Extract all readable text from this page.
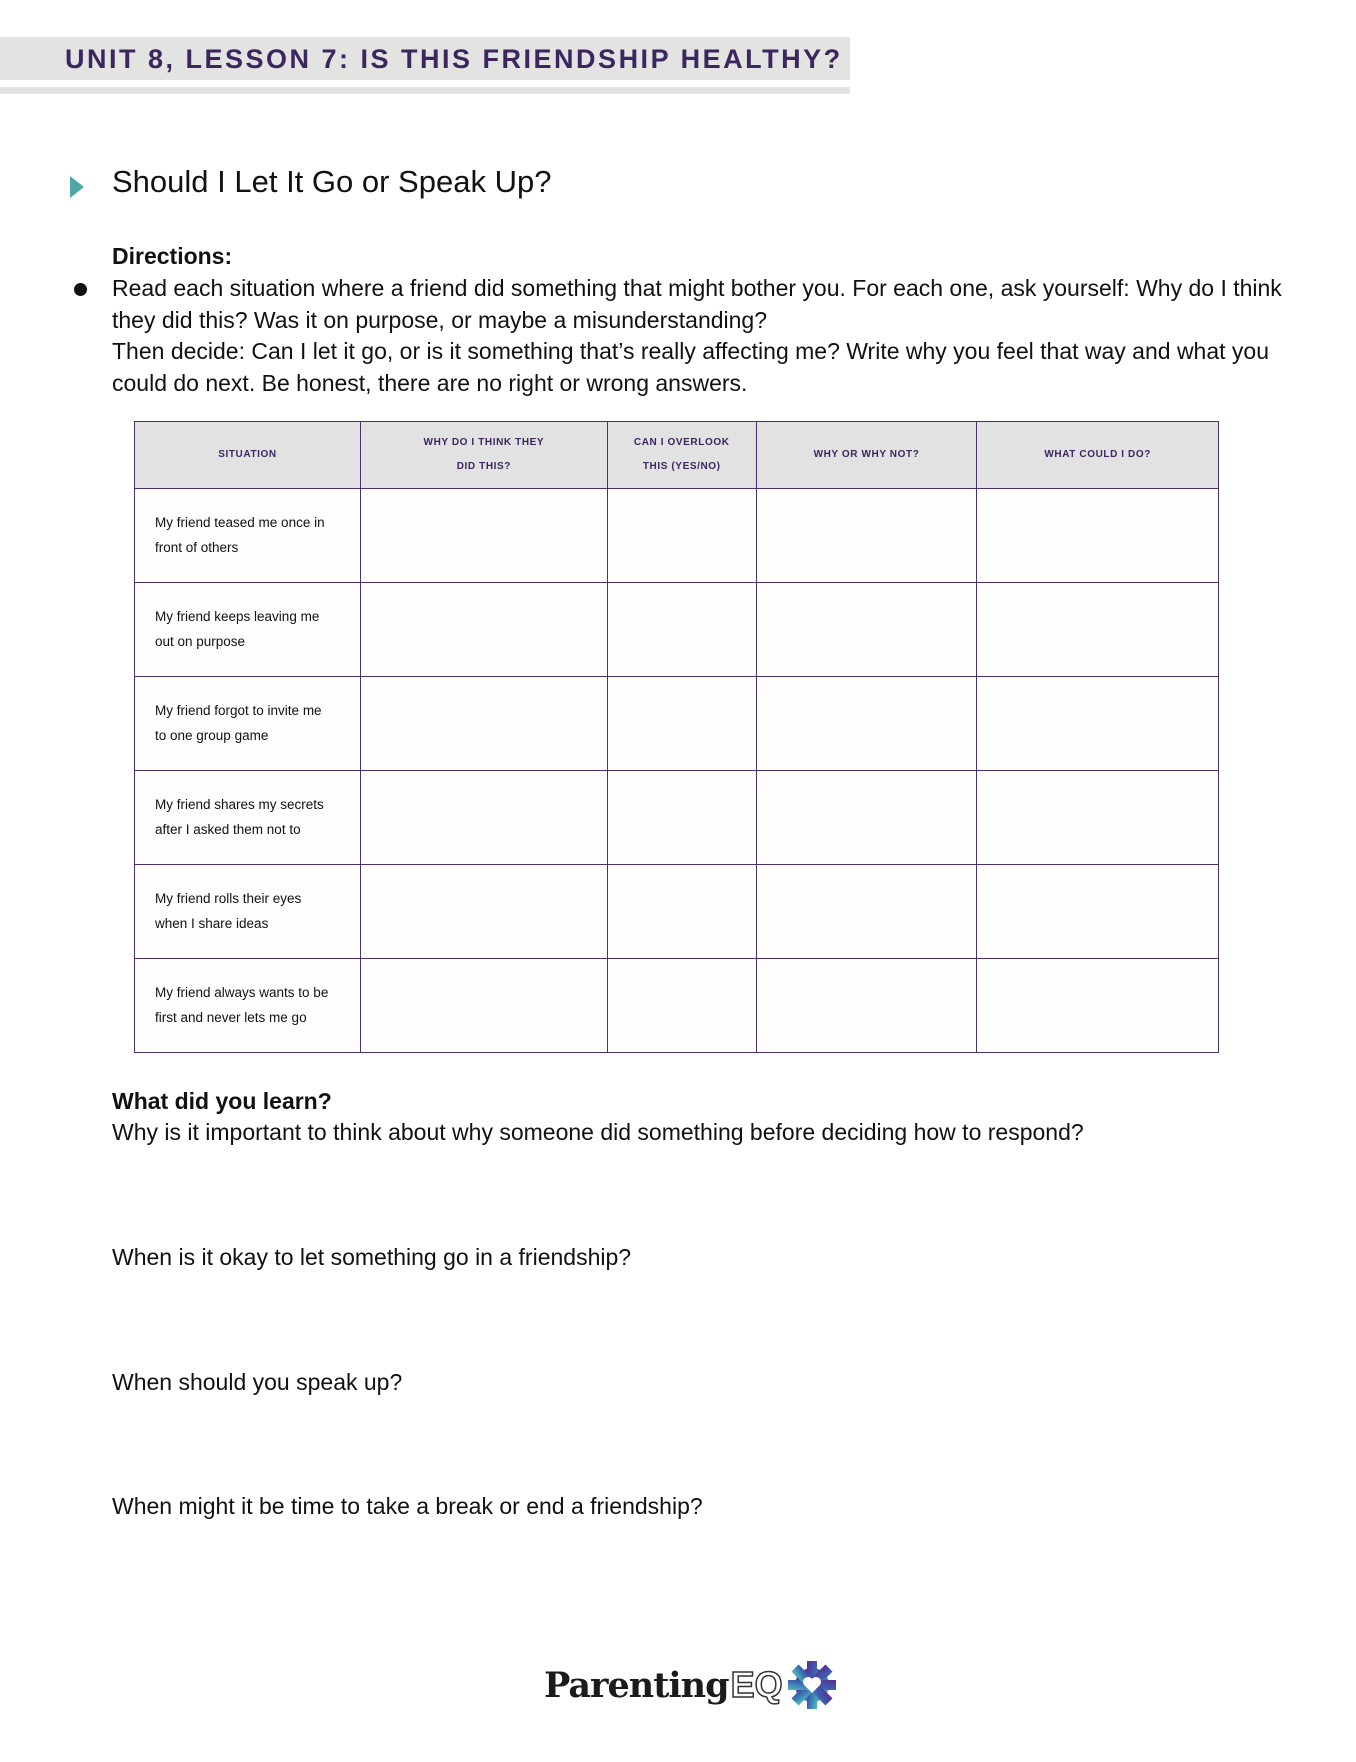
UNIT 8, LESSON 7: IS THIS FRIENDSHIP HEALTHY?
Should I Let It Go or Speak Up?
Directions:
Read each situation where a friend did something that might bother you. For each one, ask yourself: Why do I think they did this? Was it on purpose, or maybe a misunderstanding?
Then decide: Can I let it go, or is it something that’s really affecting me? Write why you feel that way and what you could do next. Be honest, there are no right or wrong answers.
SITUATION	WHY DO I THINK THEY DID THIS?	CAN I OVERLOOK THIS (YES/NO)	WHY OR WHY NOT?	WHAT COULD I DO?

My friend teased me once in front of others				

My friend keeps leaving me out on purpose				

My friend forgot to invite me to one group game				

My friend shares my secrets after I asked them not to				

My friend rolls their eyes when I share ideas				

My friend always wants to be first and never lets me go				

What did you learn?
Why is it important to think about why someone did something before deciding how to respond?
When is it okay to let something go in a friendship?
When should you speak up?
When might it be time to take a break or end a friendship?
Parenting EQ
